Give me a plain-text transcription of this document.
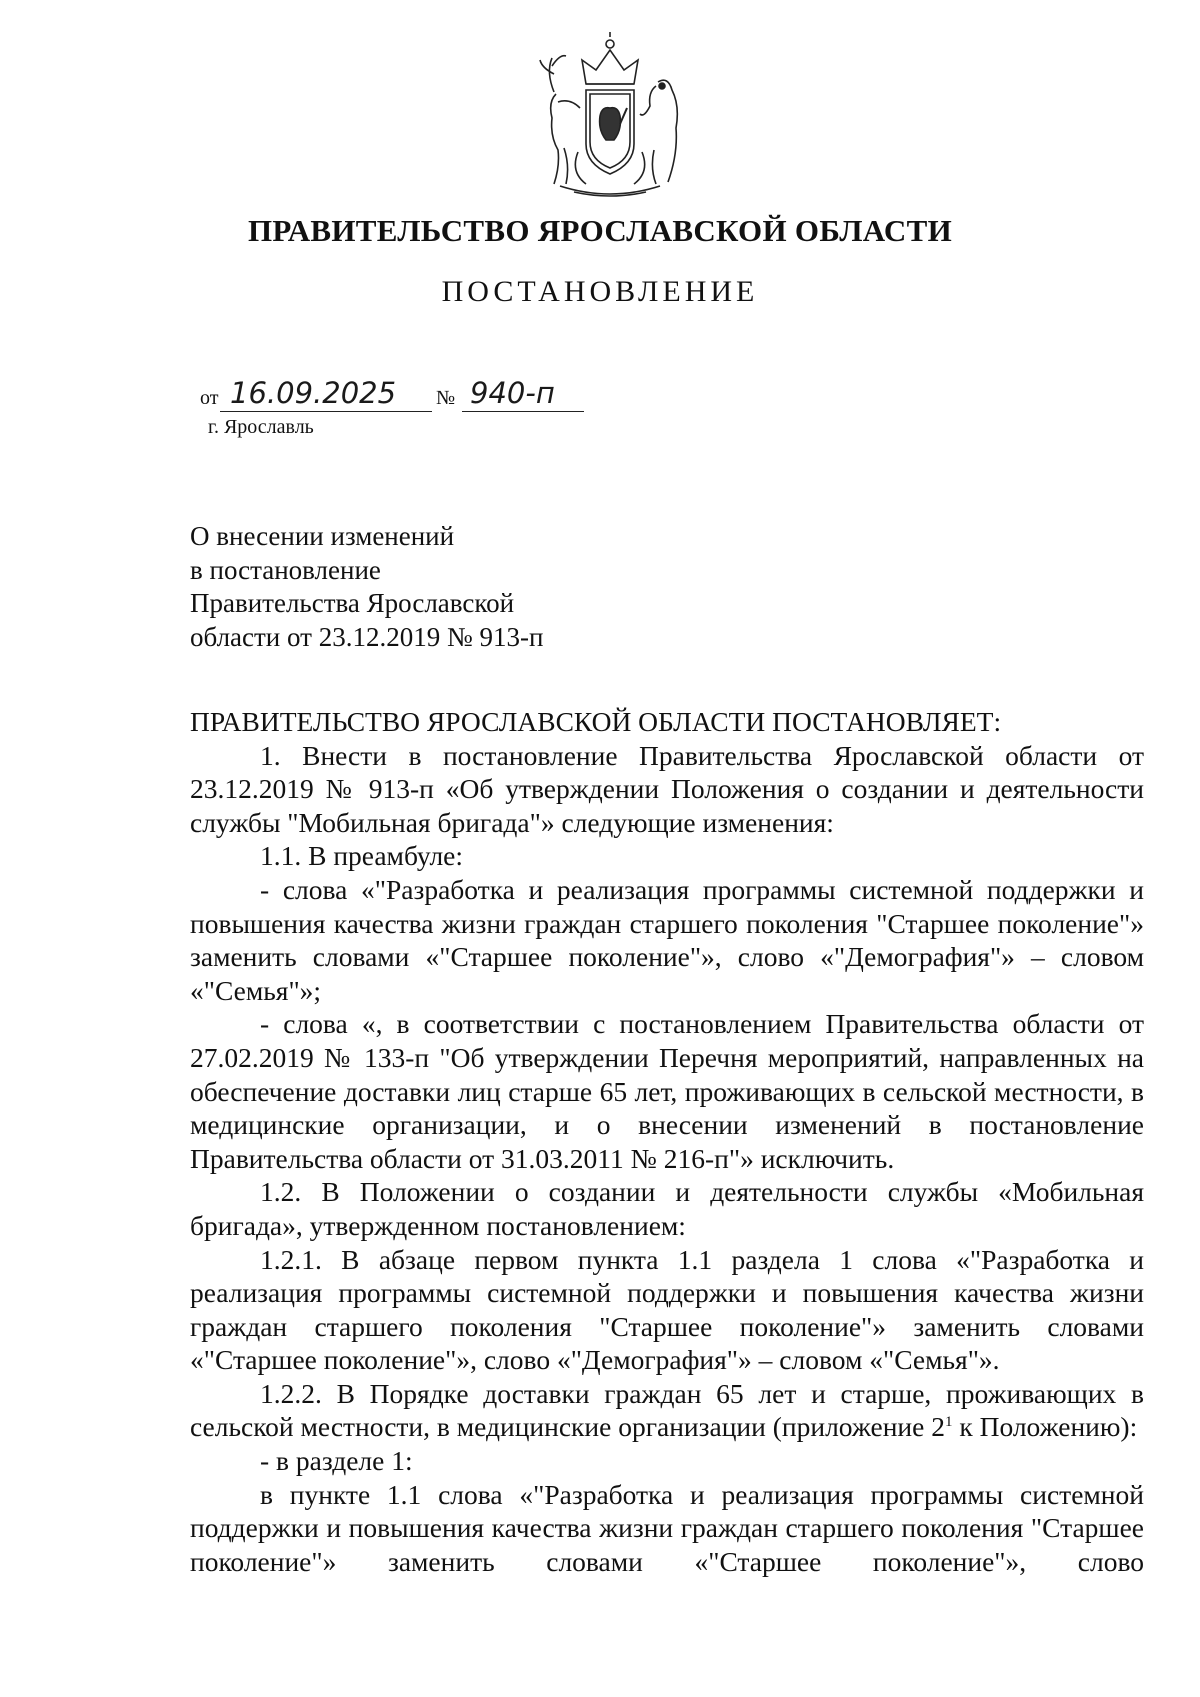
ПРАВИТЕЛЬСТВО ЯРОСЛАВСКОЙ ОБЛАСТИ
ПОСТАНОВЛЕНИЕ
от 16.09.2025 № 940-п
г. Ярославль
О внесении изменений
в постановление
Правительства Ярославской
области от 23.12.2019 № 913-п

ПРАВИТЕЛЬСТВО ЯРОСЛАВСКОЙ ОБЛАСТИ ПОСТАНОВЛЯЕТ:

1. Внести в постановление Правительства Ярославской области от 23.12.2019 № 913-п «Об утверждении Положения о создании и деятельности службы "Мобильная бригада"» следующие изменения:

1.1. В преамбуле:

- слова «"Разработка и реализация программы системной поддержки и повышения качества жизни граждан старшего поколения "Старшее поколение"» заменить словами «"Старшее поколение"», слово «"Демография"» – словом «"Семья"»;

- слова «, в соответствии с постановлением Правительства области от 27.02.2019 № 133-п "Об утверждении Перечня мероприятий, направленных на обеспечение доставки лиц старше 65 лет, проживающих в сельской местности, в медицинские организации, и о внесении изменений в постановление Правительства области от 31.03.2011 № 216-п"» исключить.

1.2. В Положении о создании и деятельности службы «Мобильная бригада», утвержденном постановлением:

1.2.1. В абзаце первом пункта 1.1 раздела 1 слова «"Разработка и реализация программы системной поддержки и повышения качества жизни граждан старшего поколения "Старшее поколение"» заменить словами «"Старшее поколение"», слово «"Демография"» – словом «"Семья"».

1.2.2. В Порядке доставки граждан 65 лет и старше, проживающих в сельской местности, в медицинские организации (приложение $2^1$ к Положению):

- в разделе 1:

в пункте 1.1 слова «"Разработка и реализация программы системной поддержки и повышения качества жизни граждан старшего поколения "Старшее поколение"» заменить словами «"Старшее поколение"», слово
